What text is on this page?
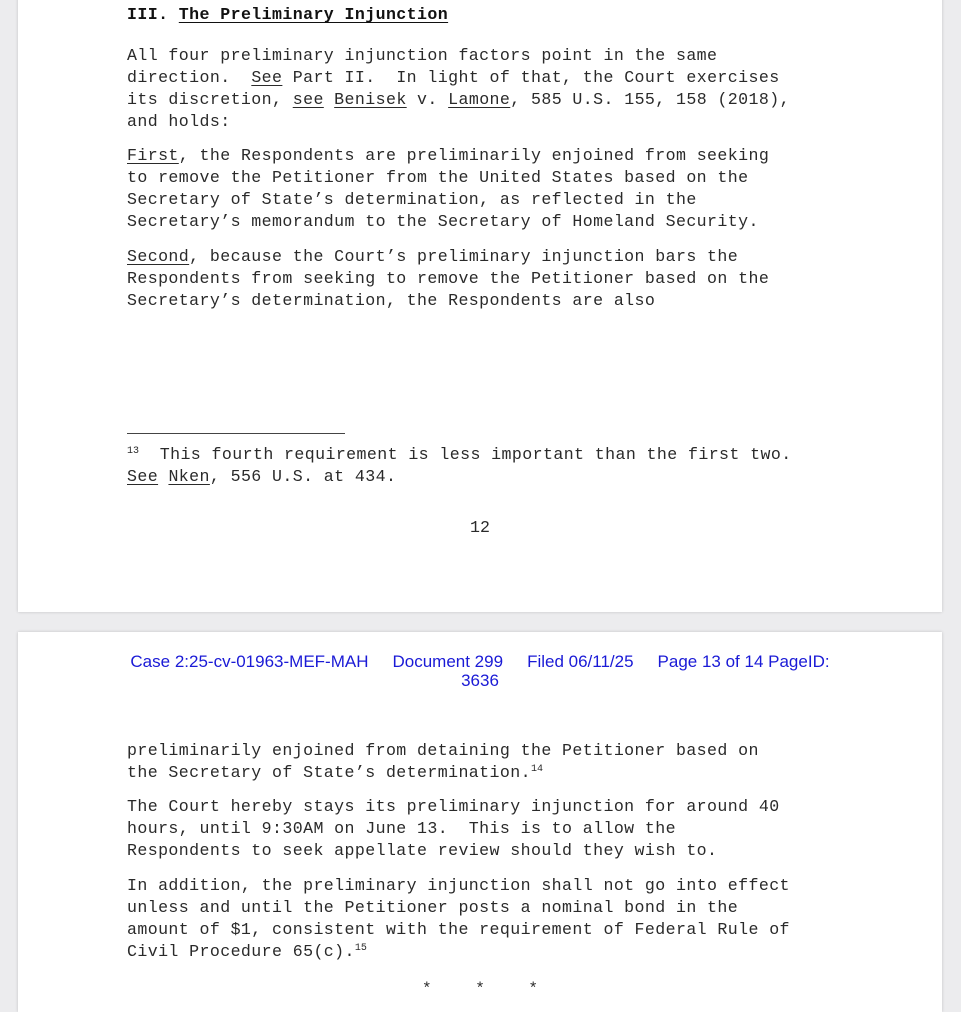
III. The Preliminary Injunction
All four preliminary injunction factors point in the same
direction. See Part II.  In light of that, the Court exercises
its discretion, see Benisek v. Lamone, 585 U.S. 155, 158 (2018),
and holds:
First, the Respondents are preliminarily enjoined from seeking
to remove the Petitioner from the United States based on the
Secretary of State’s determination, as reflected in the
Secretary’s memorandum to the Secretary of Homeland Security.
Second, because the Court’s preliminary injunction bars the
Respondents from seeking to remove the Petitioner based on the
Secretary’s determination, the Respondents are also
$^{13}$ This fourth requirement is less important than the first two.
See Nken, 556 U.S. at 434.
12
Case 2:25-cv-01963-MEF-MAH Document 299 Filed 06/11/25 Page 13 of 14 PageID:
3636
preliminarily enjoined from detaining the Petitioner based on
the Secretary of State’s determination.$^{14}$
The Court hereby stays its preliminary injunction for around 40
hours, until 9:30AM on June 13.  This is to allow the
Respondents to seek appellate review should they wish to.
In addition, the preliminary injunction shall not go into effect
unless and until the Petitioner posts a nominal bond in the
amount of $1, consistent with the requirement of Federal Rule of
Civil Procedure 65(c).$^{15}$
* * *
